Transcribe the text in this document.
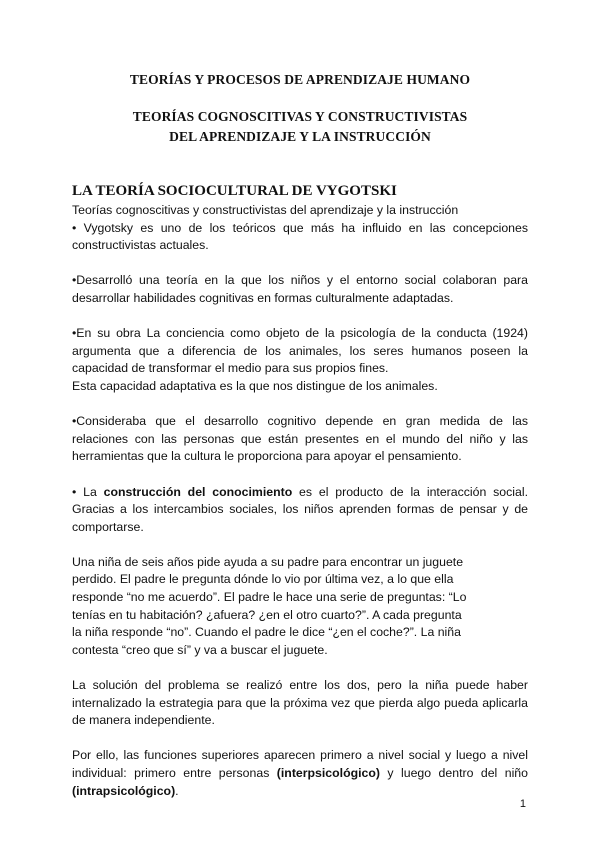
TEORÍAS Y PROCESOS DE APRENDIZAJE HUMANO
TEORÍAS COGNOSCITIVAS Y CONSTRUCTIVISTAS
DEL APRENDIZAJE Y LA INSTRUCCIÓN
LA TEORÍA SOCIOCULTURAL DE VYGOTSKI

Teorías cognoscitivas y constructivistas del aprendizaje y la instrucción

• Vygotsky es uno de los teóricos que más ha influido en las concepciones constructivistas actuales.

•Desarrolló una teoría en la que los niños y el entorno social colaboran para desarrollar habilidades cognitivas en formas culturalmente adaptadas.

•En su obra La conciencia como objeto de la psicología de la conducta (1924) argumenta que a diferencia de los animales, los seres humanos poseen la capacidad de transformar el medio para sus propios fines.

Esta capacidad adaptativa es la que nos distingue de los animales.

•Consideraba que el desarrollo cognitivo depende en gran medida de las relaciones con las personas que están presentes en el mundo del niño y las herramientas que la cultura le proporciona para apoyar el pensamiento.

• La construcción del conocimiento es el producto de la interacción social. Gracias a los intercambios sociales, los niños aprenden formas de pensar y de comportarse.

Una niña de seis años pide ayuda a su padre para encontrar un juguete

perdido. El padre le pregunta dónde lo vio por última vez, a lo que ella

responde “no me acuerdo”. El padre le hace una serie de preguntas: “Lo

tenías en tu habitación? ¿afuera? ¿en el otro cuarto?”. A cada pregunta

la niña responde “no”. Cuando el padre le dice “¿en el coche?”. La niña

contesta “creo que sí” y va a buscar el juguete.

La solución del problema se realizó entre los dos, pero la niña puede haber internalizado la estrategia para que la próxima vez que pierda algo pueda aplicarla de manera independiente.

Por ello, las funciones superiores aparecen primero a nivel social y luego a nivel individual: primero entre personas (interpsicológico) y luego dentro del niño (intrapsicológico).

1
